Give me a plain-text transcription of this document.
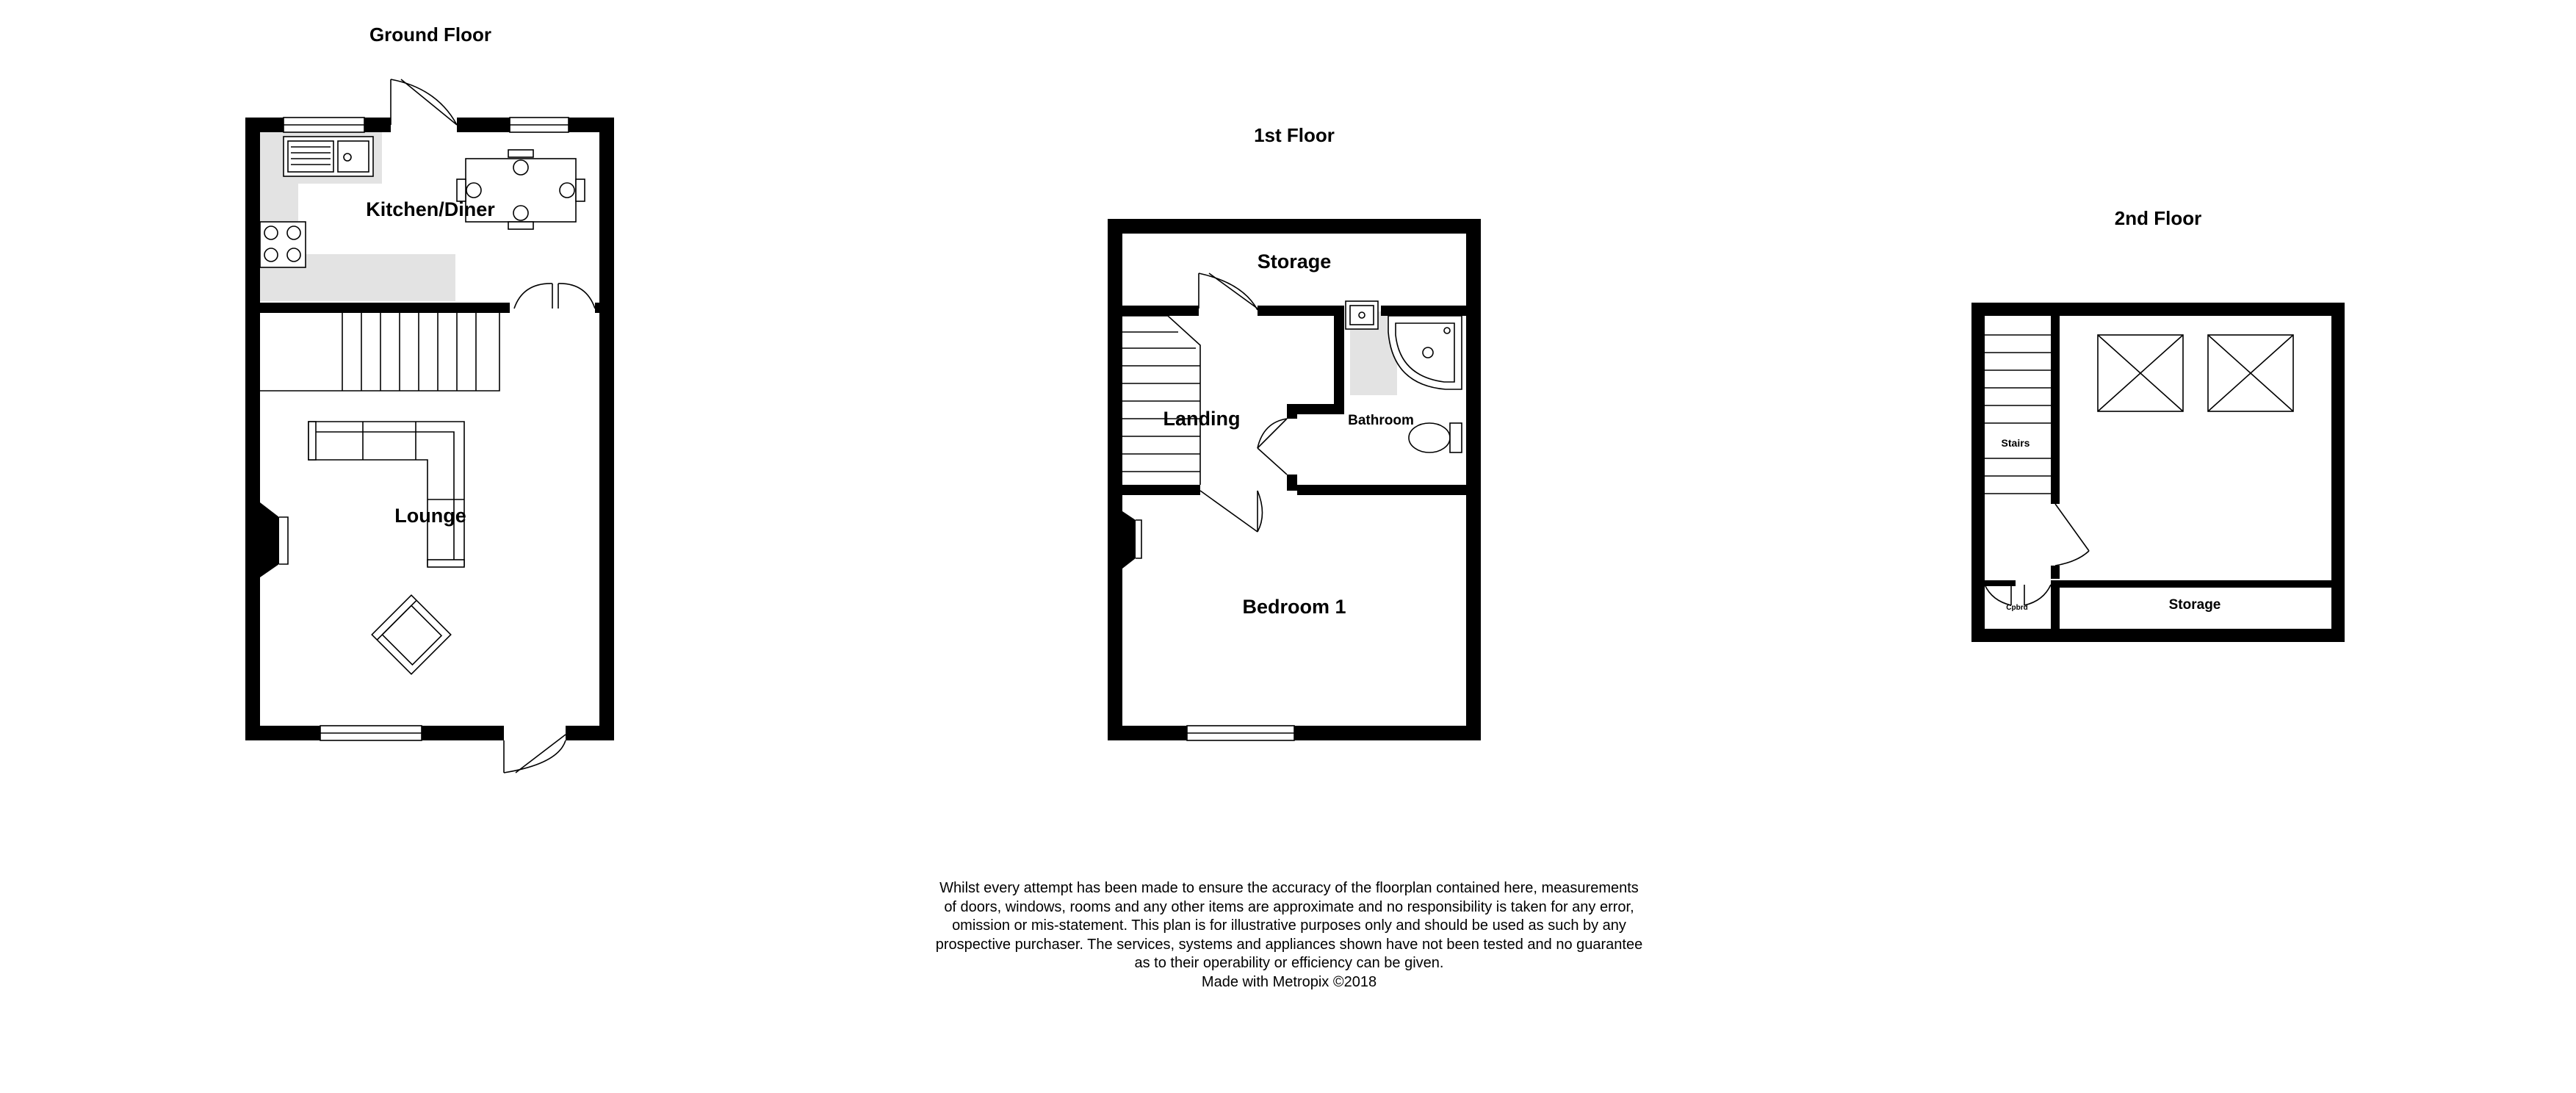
Ground Floor
Kitchen/Diner
Lounge
1st Floor
Storage
Landing	Bathroom
Bedroom 1
2nd Floor
Stairs
Storage
Cpbrd

Whilst every attempt has been made to ensure the accuracy of the floorplan contained here, measurements
of doors, windows, rooms and any other items are approximate and no responsibility is taken for any error,
omission or mis-statement. This plan is for illustrative purposes only and should be used as such by any
prospective purchaser. The services, systems and appliances shown have not been tested and no guarantee
as to their operability or efficiency can be given.
Made with Metropix ©2018
